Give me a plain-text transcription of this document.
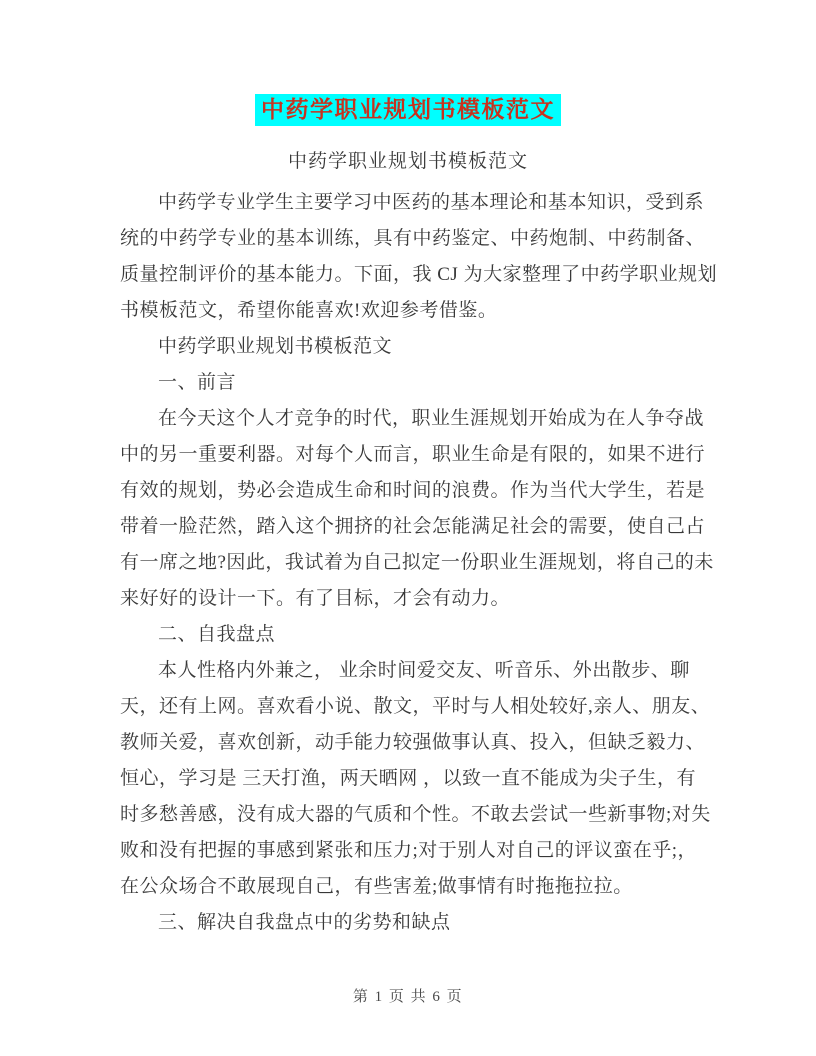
中药学职业规划书模板范文
中药学职业规划书模板范文
中药学专业学生主要学习中医药的基本理论和基本知识，受到系
统的中药学专业的基本训练，具有中药鉴定、中药炮制、中药制备、
质量控制评价的基本能力。下面，我 CJ 为大家整理了中药学职业规划
书模板范文，希望你能喜欢!欢迎参考借鉴。
中药学职业规划书模板范文
一、前言
在今天这个人才竞争的时代，职业生涯规划开始成为在人争夺战
中的另一重要利器。对每个人而言，职业生命是有限的，如果不进行
有效的规划，势必会造成生命和时间的浪费。作为当代大学生，若是
带着一脸茫然，踏入这个拥挤的社会怎能满足社会的需要，使自己占
有一席之地?因此，我试着为自己拟定一份职业生涯规划，将自己的未
来好好的设计一下。有了目标，才会有动力。
二、自我盘点
本人性格内外兼之， 业余时间爱交友、听音乐、外出散步、聊
天，还有上网。喜欢看小说、散文，平时与人相处较好,亲人、朋友、
教师关爱，喜欢创新，动手能力较强做事认真、投入，但缺乏毅力、
恒心，学习是 三天打渔，两天晒网 ，以致一直不能成为尖子生，有
时多愁善感，没有成大器的气质和个性。不敢去尝试一些新事物;对失
败和没有把握的事感到紧张和压力;对于别人对自己的评议蛮在乎;，
在公众场合不敢展现自己，有些害羞;做事情有时拖拖拉拉。
三、解决自我盘点中的劣势和缺点
第 1 页 共 6 页
